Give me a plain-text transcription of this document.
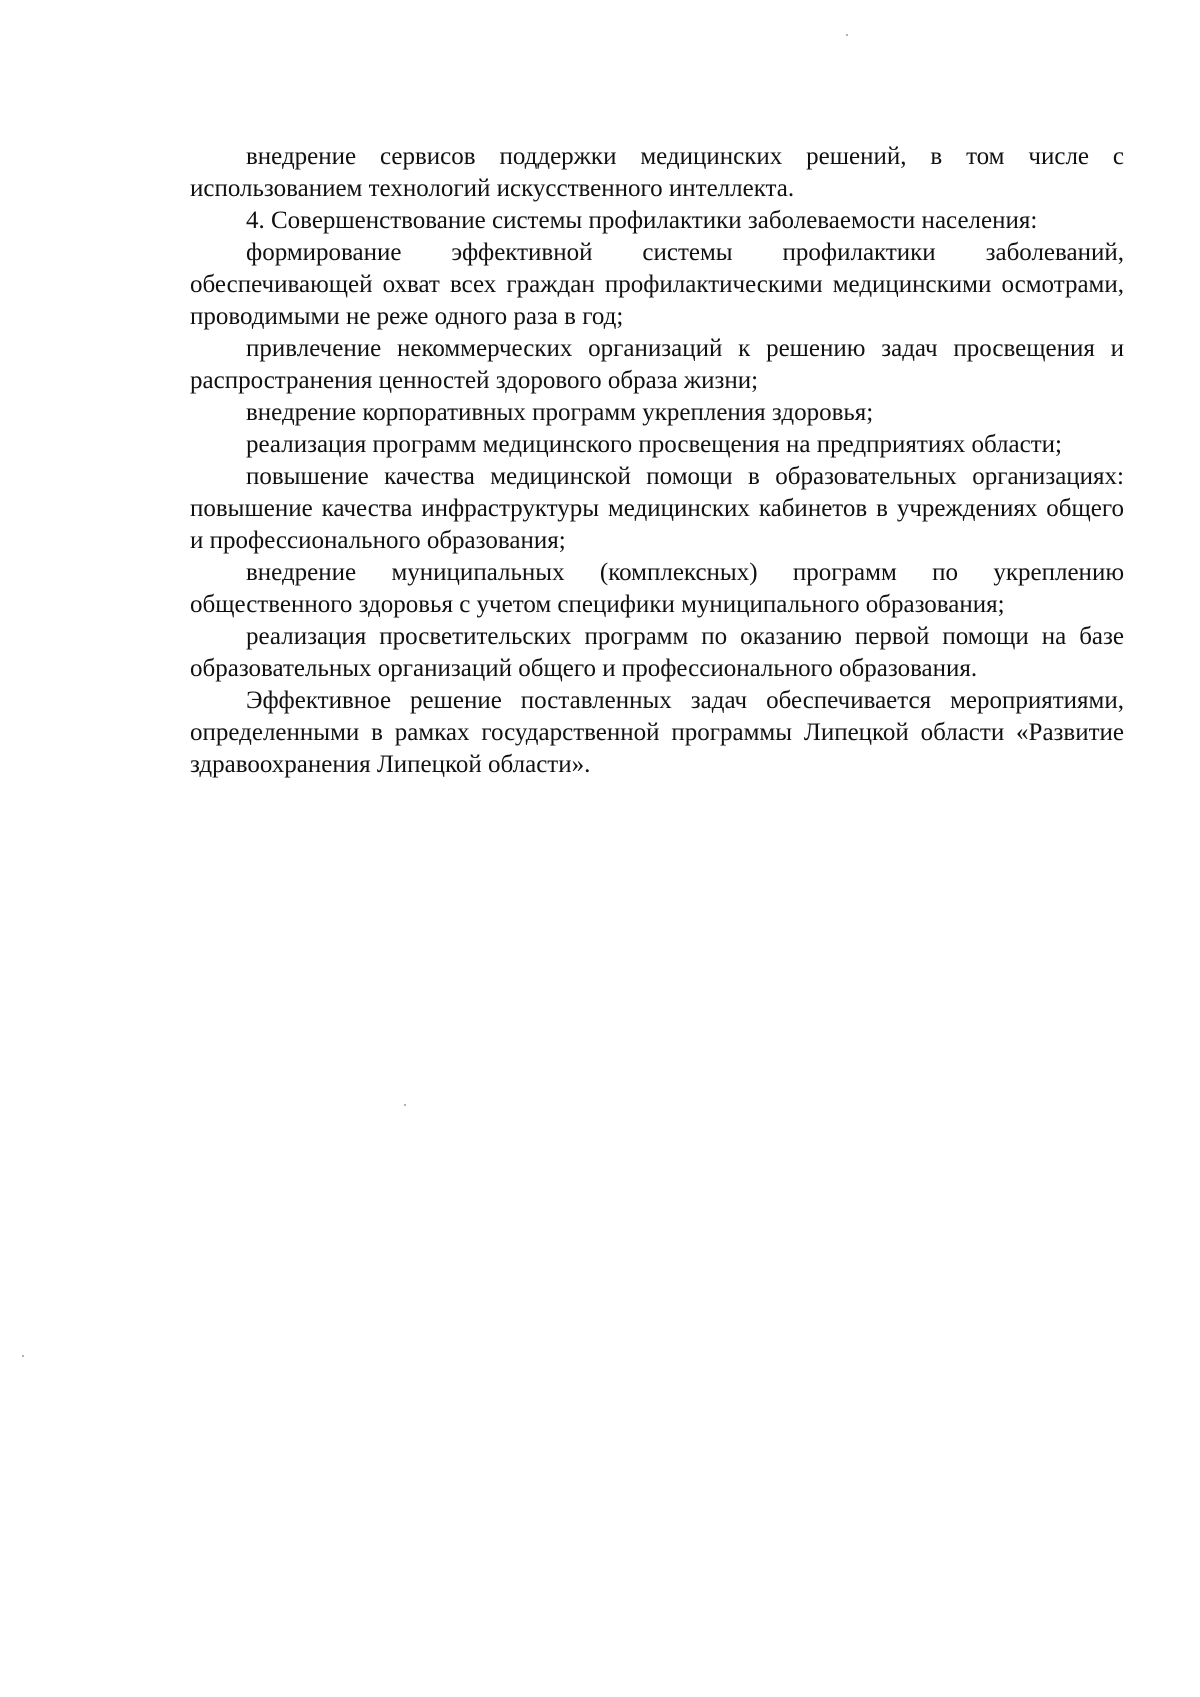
внедрение сервисов поддержки медицинских решений, в том числе с использованием технологий искусственного интеллекта.

4. Совершенствование системы профилактики заболеваемости населения:

формирование эффективной системы профилактики заболеваний, обеспечивающей охват всех граждан профилактическими медицинскими осмотрами, проводимыми не реже одного раза в год;

привлечение некоммерческих организаций к решению задач просвещения и распространения ценностей здорового образа жизни;

внедрение корпоративных программ укрепления здоровья;

реализация программ медицинского просвещения на предприятиях области;

повышение качества медицинской помощи в образовательных организациях: повышение качества инфраструктуры медицинских кабинетов в учреждениях общего и профессионального образования;

внедрение муниципальных (комплексных) программ по укреплению общественного здоровья с учетом специфики муниципального образования;

реализация просветительских программ по оказанию первой помощи на базе образовательных организаций общего и профессионального образования.

Эффективное решение поставленных задач обеспечивается мероприятиями, определенными в рамках государственной программы Липецкой области «Развитие здравоохранения Липецкой области».
